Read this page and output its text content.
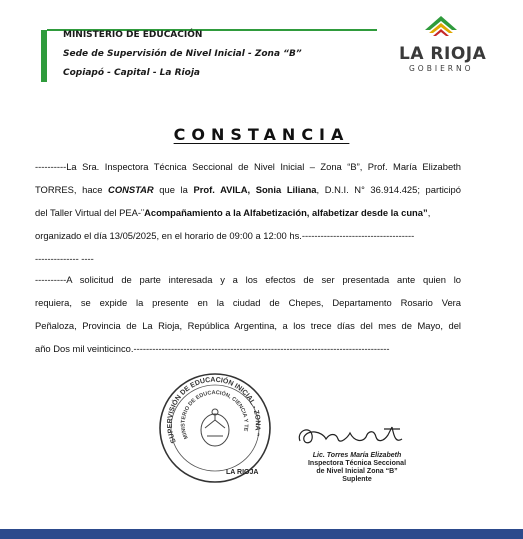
MINISTERIO DE EDUCACIÓN
Sede de Supervisión de Nivel Inicial - Zona “B”
Copiapó - Capital - La Rioja
LA RIOJA
GOBIERNO
CONSTANCIA
----------La Sra. Inspectora Técnica Seccional de Nivel Inicial – Zona “B”, Prof. María Elizabeth
TORRES, hace CONSTAR que la Prof. AVILA, Sonia Liliana, D.N.I. N° 36.914.425; participó
del Taller Virtual del PEA-¨Acompañamiento a la Alfabetización, alfabetizar desde la cuna”,
organizado el día 13/05/2025, en el horario de 09:00 a 12:00 hs.------------------------------------
-------------- ----
----------A solicitud de parte interesada y a los efectos de ser presentada ante quien lo
requiera, se expide la presente en la ciudad de Chepes, Departamento Rosario Vera
Peñaloza, Provincia de La Rioja, República Argentina, a los trece días del mes de Mayo, del
año Dos mil veinticinco.----------------------------------------------------------------------------------
SUPERVISIÓN DE EDUCACIÓN INICIAL - ZONA "
MINISTERIO DE EDUCACIÓN, CIENCIA Y TE
LA RIOJA
Lic. Torres María Elizabeth
Inspectora Técnica Seccional
de Nivel Inicial Zona “B”
Suplente
